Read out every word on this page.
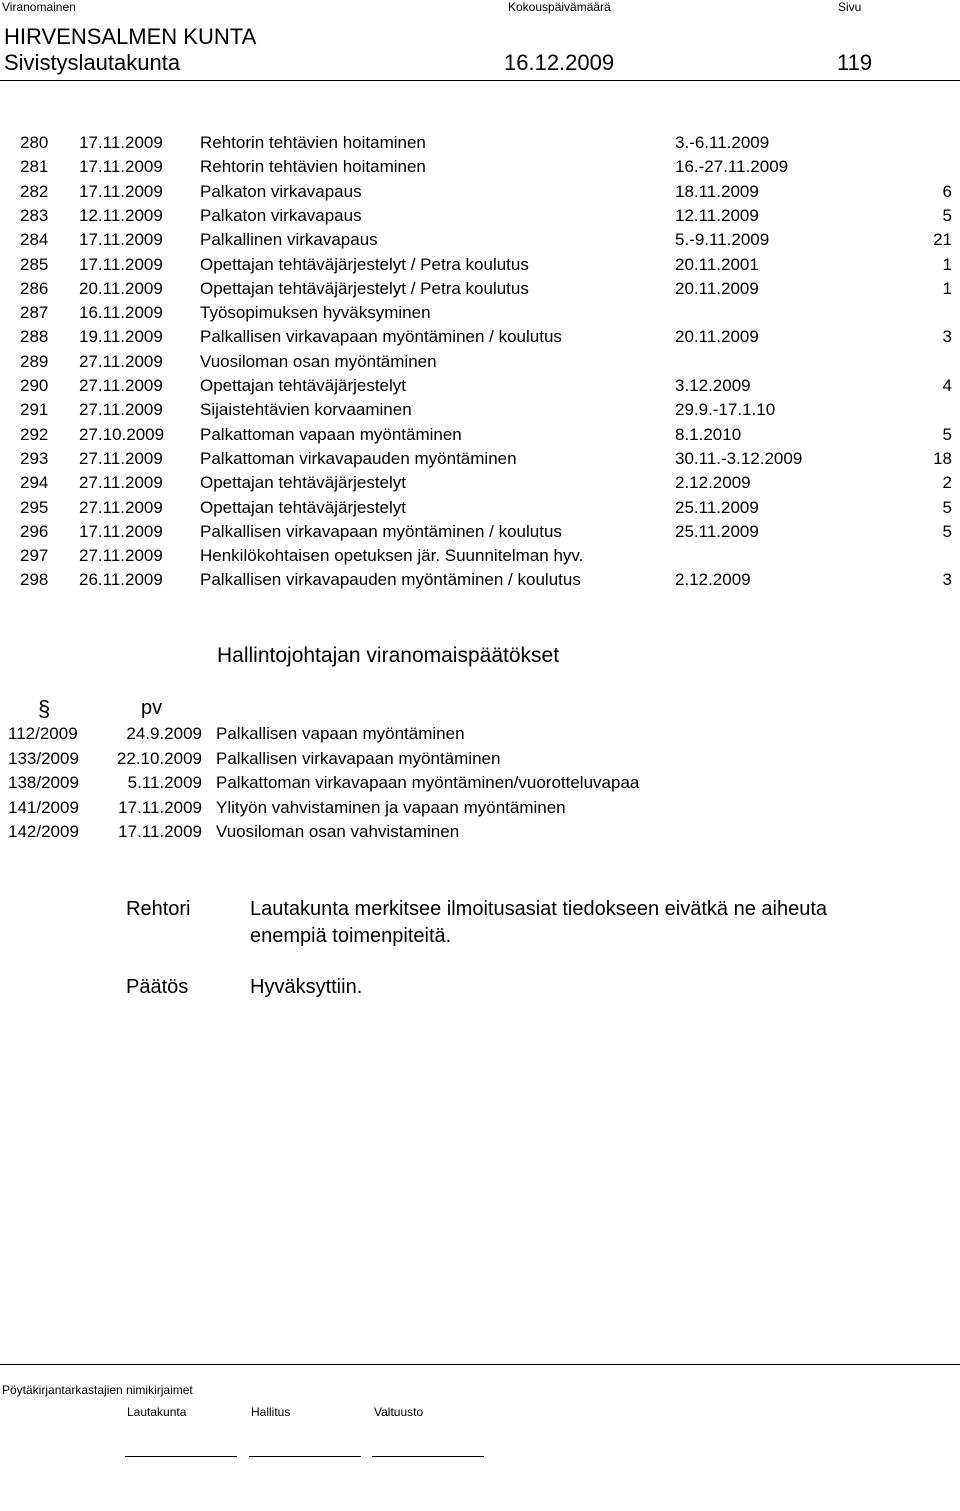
Viranomainen	Kokouspäivämäärä	Sivu
HIRVENSALMEN KUNTA
Sivistyslautakunta	16.12.2009	119
280 17.11.2009 Rehtorin tehtävien hoitaminen	3.-6.11.2009
281 17.11.2009 Rehtorin tehtävien hoitaminen	16.-27.11.2009
282 17.11.2009 Palkaton virkavapaus	18.11.2009	6
283 12.11.2009 Palkaton virkavapaus	12.11.2009	5
284 17.11.2009 Palkallinen virkavapaus	5.-9.11.2009	21
285 17.11.2009 Opettajan tehtäväjärjestelyt / Petra koulutus	20.11.2001	1
286 20.11.2009 Opettajan tehtäväjärjestelyt / Petra koulutus	20.11.2009	1
287 16.11.2009 Työsopimuksen hyväksyminen
288 19.11.2009 Palkallisen virkavapaan myöntäminen / koulutus	20.11.2009	3
289 27.11.2009 Vuosiloman osan myöntäminen
290 27.11.2009 Opettajan tehtäväjärjestelyt	3.12.2009	4
291 27.11.2009 Sijaistehtävien korvaaminen	29.9.-17.1.10
292 27.10.2009 Palkattoman vapaan myöntäminen	8.1.2010	5
293 27.11.2009 Palkattoman virkavapauden myöntäminen	30.11.-3.12.2009	18
294 27.11.2009 Opettajan tehtäväjärjestelyt	2.12.2009	2
295 27.11.2009 Opettajan tehtäväjärjestelyt	25.11.2009	5
296 17.11.2009 Palkallisen virkavapaan myöntäminen / koulutus	25.11.2009	5
297 27.11.2009 Henkilökohtaisen opetuksen jär. Suunnitelman hyv.
298 26.11.2009 Palkallisen virkavapauden myöntäminen / koulutus	2.12.2009	3
Hallintojohtajan viranomaispäätökset
§	pv
112/2009	24.9.2009 Palkallisen vapaan myöntäminen
133/2009	22.10.2009 Palkallisen virkavapaan myöntäminen
138/2009	5.11.2009 Palkattoman virkavapaan myöntäminen/vuorotteluvapaa
141/2009	17.11.2009 Ylityön vahvistaminen ja vapaan myöntäminen
142/2009	17.11.2009 Vuosiloman osan vahvistaminen
Rehtori	Lautakunta merkitsee ilmoitusasiat tiedokseen eivätkä ne aiheuta
enempiä toimenpiteitä.
Päätös	Hyväksyttiin.
Pöytäkirjantarkastajien nimikirjaimet
Lautakunta	Hallitus	Valtuusto
